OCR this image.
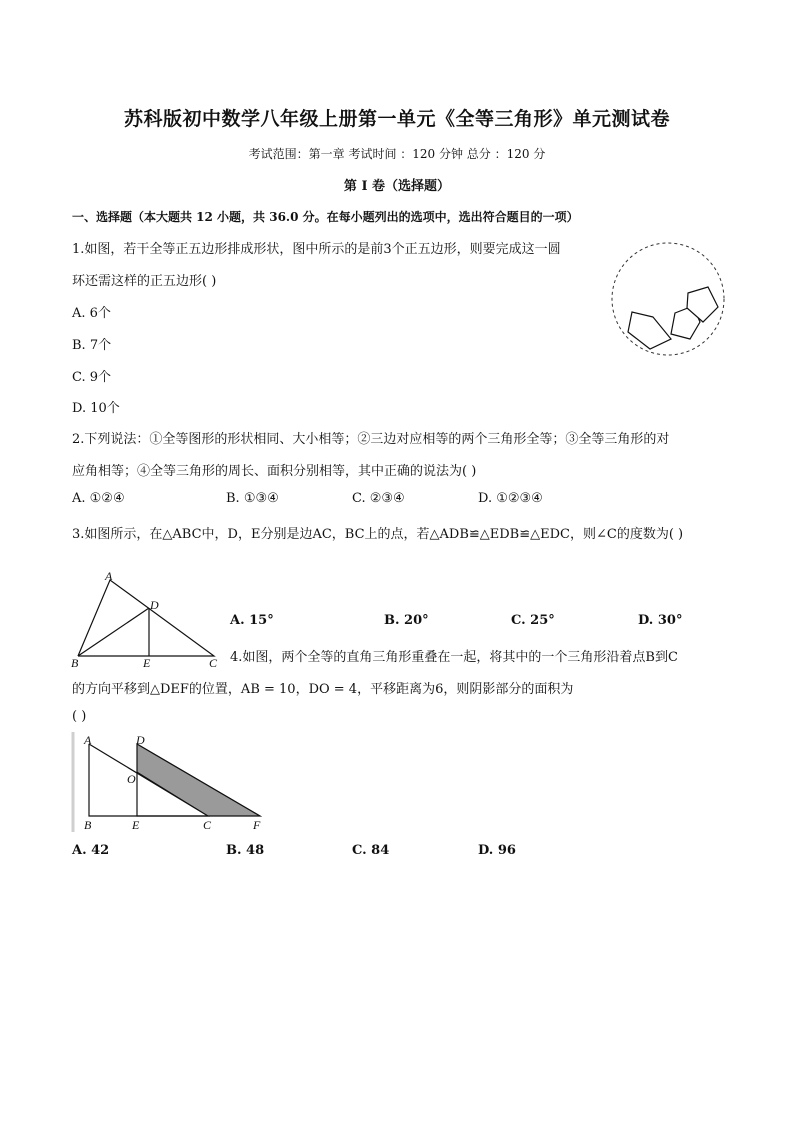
苏科版初中数学八年级上册第一单元《全等三角形》单元测试卷
考试范围：第一章 考试时间 ：120 分钟 总分 ：120 分
第 I 卷（选择题）
一、选择题（本大题共 12 小题，共 36.0 分。在每小题列出的选项中，选出符合题目的一项）
1.如图，若干全等正五边形排成形状，图中所示的是前3个正五边形，则要完成这一圆
环还需这样的正五边形( )
A. 6个
B. 7个
C. 9个
D. 10个
2.下列说法：①全等图形的形状相同、大小相等；②三边对应相等的两个三角形全等；③全等三角形的对
应角相等；④全等三角形的周长、面积分别相等，其中正确的说法为( )
A. ①②④	B. ①③④	C. ②③④	D. ①②③④
3.如图所示，在△ABC中，D，E分别是边AC，BC上的点，若△ADB≌△EDB≌△EDC，则∠C的度数为( )
A
D
B	E	C
A. 15°	B. 20°	C. 25°	D. 30°
4.如图，两个全等的直角三角形重叠在一起，将其中的一个三角形沿着点B到C
的方向平移到△DEF的位置，AB = 10，DO = 4，平移距离为6，则阴影部分的面积为
( )
A	D
O
B	E	C	F
A. 42	B. 48	C. 84	D. 96
